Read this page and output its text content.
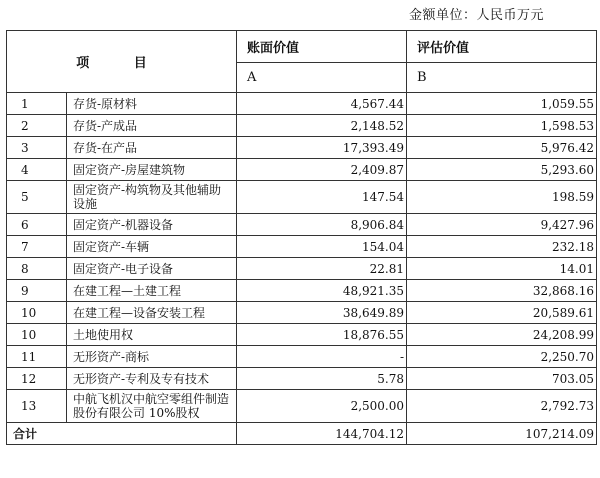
金额单位：人民币万元
项 目		账面价值	评估价值
		A	B
1	存货-原材料	4,567.44	1,059.55
2	存货-产成品	2,148.52	1,598.53
3	存货-在产品	17,393.49	5,976.42
4	固定资产-房屋建筑物	2,409.87	5,293.60
5	固定资产-构筑物及其他辅助设施	147.54	198.59
6	固定资产-机器设备	8,906.84	9,427.96
7	固定资产-车辆	154.04	232.18
8	固定资产-电子设备	22.81	14.01
9	在建工程—土建工程	48,921.35	32,868.16
10	在建工程—设备安装工程	38,649.89	20,589.61
10	土地使用权	18,876.55	24,208.99
11	无形资产-商标	-	2,250.70
12	无形资产-专利及专有技术	5.78	703.05
13	中航飞机汉中航空零组件制造股份有限公司 10%股权	2,500.00	2,792.73
合计		144,704.12	107,214.09
